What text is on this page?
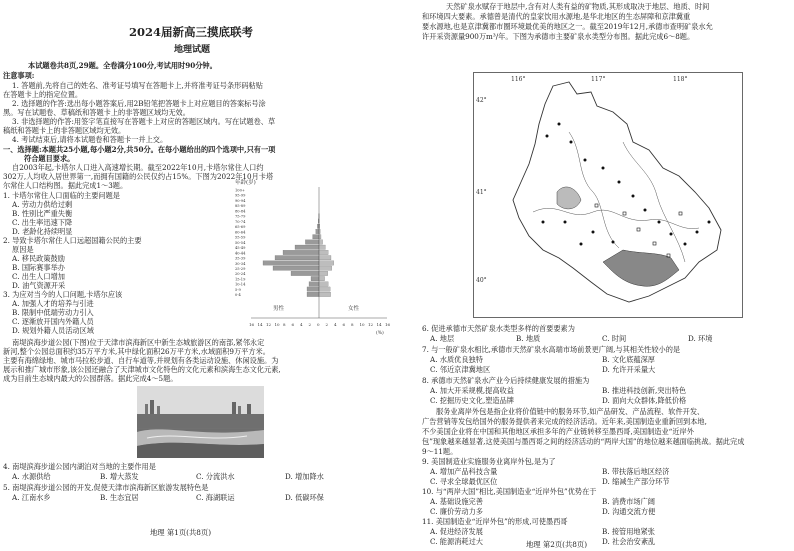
2024届新高三摸底联考
地理试题
本试题卷共8页,29题。全卷满分100分,考试用时90分钟。
注意事项:
1. 答题前,先将自己的姓名、准考证号填写在答题卡上,并将准考证号条形码粘贴
在答题卡上的指定位置。
2. 选择题的作答:选出每小题答案后,用2B铅笔把答题卡上对应题目的答案标号涂
黑。写在试题卷、草稿纸和答题卡上的非答题区域均无效。
3. 非选择题的作答:用签字笔直接写在答题卡上对应的答题区域内。写在试题卷、草
稿纸和答题卡上的非答题区域均无效。
4. 考试结束后,请将本试题卷和答题卡一并上交。
一、选择题:本题共25小题,每小题2分,共50分。在每小题给出的四个选项中,只有一项
符合题目要求。
自2003年起,卡塔尔人口进入高速增长期。截至2022年10月,卡塔尔常住人口约
302万,人均收入居世界第一,而拥有国籍的公民仅约占15%。下图为2022年10月卡塔
尔常住人口结构图。据此完成1～3题。
1. 卡塔尔常住人口面临的主要问题是
A. 劳动力供给过剩
B. 性别比严重失衡
C. 出生率迅速下降
D. 老龄化持续明显
2. 导致卡塔尔常住人口远超国籍公民的主要
原因是
A. 移民政策鼓励
B. 国际赛事举办
C. 出生人口增加
D. 油气资源开采
3. 为应对当今的人口问题,卡塔尔应该
A. 加强人才的培养与引进
B. 限制中低端劳动力引入
C. 逐渐放开国内外籍人员
D. 规划外籍人员活动区域
年龄(岁)
100+
95-99
90-94
85-89
80-84
75-79
70-74
65-69
60-64
55-59
50-54
45-49
40-44
35-39
30-34
25-29
20-24
15-19
10-14
5-9
0-4
男性	女性
16 14 12 10 8 6 4 2 0 2 4 6 8 10 12 14 16
(%)
南堤滨海步道公园(下图)位于天津市滨海新区中新生态城旅游区的南部,紧邻永定
新河,整个公园总面积约35万平方米,其中绿化面积26万平方米,水域面积9万平方米。
主要有海绵绿地、城市马拉松步道、自行车道等,并规划有各类运动设施、休闲设施。为
展示和推广城市形象,该公园还融合了天津城市文化特色的文化元素和滨海生态文化元素,
成为目前生态城内最大的公园群落。据此完成4～5题。
4. 南堤滨海步道公园内湖泊对当地的主要作用是
A. 水源供给	B. 增大蒸发	C. 分流洪水	D. 增加降水
5. 南堤滨海步道公园的开发,促使天津市滨海新区旅游发展特色是
A. 江南水乡	B. 生态宜居	C. 海湖联运	D. 低碳环保
地理 第1页(共8页)
天然矿泉水赋存于地层中,含有对人类有益的矿物质,其形成取决于地层、地质、时间
和环境四大要素。承德曾是清代的皇家饮用水源地,是华北地区的生态屏障和京津冀重
要水源地,也是京津冀都市圈环境最优美的地区之一。截至2019年12月,承德市查明矿泉水允
许开采资源量900万m³/年。下图为承德市主要矿泉水类型分布图。据此完成6～8题。
116°	117°	118°
42°
41°
40°
6. 促进承德市天然矿泉水类型多样的首要要素为
A. 地层	B. 地质	C. 时间	D. 环境
7. 与一般矿泉水相比,承德市天然矿泉水高端市场前景更广阔,与其相关性较小的是
A. 水质优良独特	B. 文化底蕴深厚
C. 邻近京津冀地区	D. 允许开采量大
8. 承德市天然矿泉水产业今后持续健康发展的措施为
A. 加大开采规模,提高收益	B. 推进科技创新,突出特色
C. 挖掘历史文化,塑造品牌	D. 面向大众群体,降低价格
服务业离岸外包是指企业将价值链中的服务环节,如产品研发、产品流程、软件开发、
广告营销等发包给国外的服务提供者来完成的经济活动。近年来,美国制造业重新回到本地,
不少美国企业将在中国和其他地区承担多年的产业链转移至墨西哥,美国制造业“近岸外
包”现象越来越显著,这使美国与墨西哥之间的经济活动的“两岸大国”的地位越来越面临挑战。据此完成
9～11题。
9. 美国制造业实施服务业离岸外包,是为了
A. 增加产品科技含量	B. 带扶落后地区经济
C. 寻求全球最优区位	D. 缩减生产部分环节
10. 与“两岸大国”相比,美国制造业“近岸外包”优势在于
A. 基础设施完善	B. 消费市场广阔
C. 廉价劳动力多	D. 沟通交流方便
11. 美国制造业“近岸外包”的形成,可使墨西哥
A. 促进经济发展	B. 接管用地紧张
C. 能源消耗过大	D. 社会治安紊乱
地理 第2页(共8页)
